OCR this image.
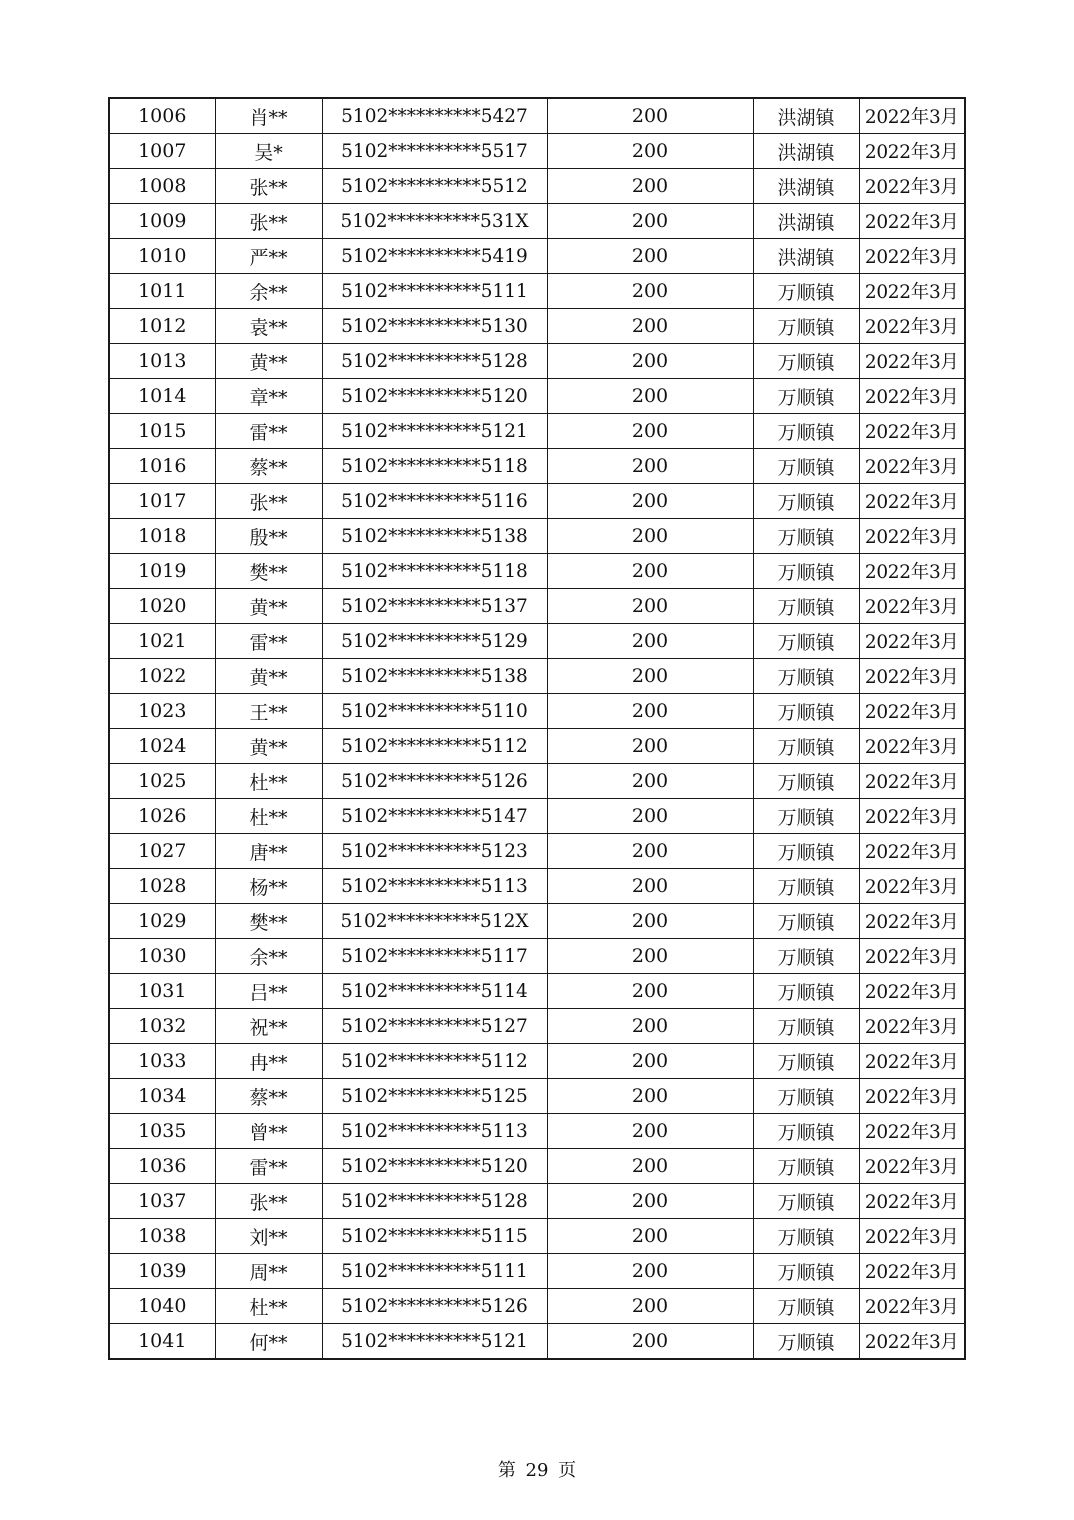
1006	肖**	5102**********5427	200	洪湖镇	2022年3月
1007	吴*	5102**********5517	200	洪湖镇	2022年3月
1008	张**	5102**********5512	200	洪湖镇	2022年3月
1009	张**	5102**********531X	200	洪湖镇	2022年3月
1010	严**	5102**********5419	200	洪湖镇	2022年3月
1011	余**	5102**********5111	200	万顺镇	2022年3月
1012	袁**	5102**********5130	200	万顺镇	2022年3月
1013	黄**	5102**********5128	200	万顺镇	2022年3月
1014	章**	5102**********5120	200	万顺镇	2022年3月
1015	雷**	5102**********5121	200	万顺镇	2022年3月
1016	蔡**	5102**********5118	200	万顺镇	2022年3月
1017	张**	5102**********5116	200	万顺镇	2022年3月
1018	殷**	5102**********5138	200	万顺镇	2022年3月
1019	樊**	5102**********5118	200	万顺镇	2022年3月
1020	黄**	5102**********5137	200	万顺镇	2022年3月
1021	雷**	5102**********5129	200	万顺镇	2022年3月
1022	黄**	5102**********5138	200	万顺镇	2022年3月
1023	王**	5102**********5110	200	万顺镇	2022年3月
1024	黄**	5102**********5112	200	万顺镇	2022年3月
1025	杜**	5102**********5126	200	万顺镇	2022年3月
1026	杜**	5102**********5147	200	万顺镇	2022年3月
1027	唐**	5102**********5123	200	万顺镇	2022年3月
1028	杨**	5102**********5113	200	万顺镇	2022年3月
1029	樊**	5102**********512X	200	万顺镇	2022年3月
1030	余**	5102**********5117	200	万顺镇	2022年3月
1031	吕**	5102**********5114	200	万顺镇	2022年3月
1032	祝**	5102**********5127	200	万顺镇	2022年3月
1033	冉**	5102**********5112	200	万顺镇	2022年3月
1034	蔡**	5102**********5125	200	万顺镇	2022年3月
1035	曾**	5102**********5113	200	万顺镇	2022年3月
1036	雷**	5102**********5120	200	万顺镇	2022年3月
1037	张**	5102**********5128	200	万顺镇	2022年3月
1038	刘**	5102**********5115	200	万顺镇	2022年3月
1039	周**	5102**********5111	200	万顺镇	2022年3月
1040	杜**	5102**********5126	200	万顺镇	2022年3月
1041	何**	5102**********5121	200	万顺镇	2022年3月
第 29 页
